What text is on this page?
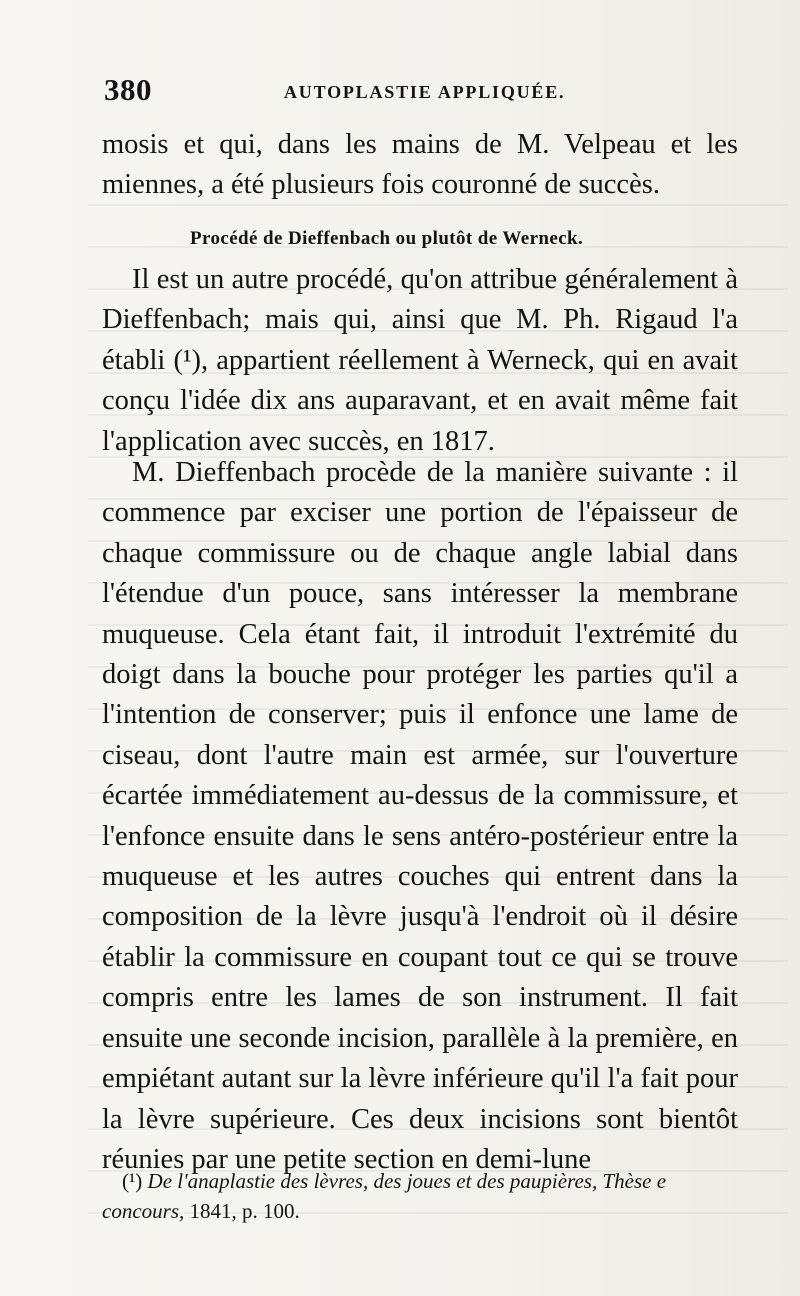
380	AUTOPLASTIE APPLIQUÉE.

mosis et qui, dans les mains de M. Velpeau et les miennes, a été plusieurs fois couronné de succès.

Procédé de Dieffenbach ou plutôt de Werneck.

Il est un autre procédé, qu'on attribue généralement à Dieffenbach; mais qui, ainsi que M. Ph. Rigaud l'a établi (¹), appartient réellement à Werneck, qui en avait conçu l'idée dix ans auparavant, et en avait même fait l'application avec succès, en 1817.

M. Dieffenbach procède de la manière suivante : il commence par exciser une portion de l'épaisseur de chaque commissure ou de chaque angle labial dans l'étendue d'un pouce, sans intéresser la membrane muqueuse. Cela étant fait, il introduit l'extrémité du doigt dans la bouche pour protéger les parties qu'il a l'intention de conserver; puis il enfonce une lame de ciseau, dont l'autre main est armée, sur l'ouverture écartée immédiatement au-dessus de la commissure, et l'enfonce ensuite dans le sens antéro-postérieur entre la muqueuse et les autres couches qui entrent dans la composition de la lèvre jusqu'à l'endroit où il désire établir la commissure en coupant tout ce qui se trouve compris entre les lames de son instrument. Il fait ensuite une seconde incision, parallèle à la première, en empiétant autant sur la lèvre inférieure qu'il l'a fait pour la lèvre supérieure. Ces deux incisions sont bientôt réunies par une petite section en demi-lune

(¹) De l'anaplastie des lèvres, des joues et des paupières, Thèse e
concours, 1841, p. 100.
